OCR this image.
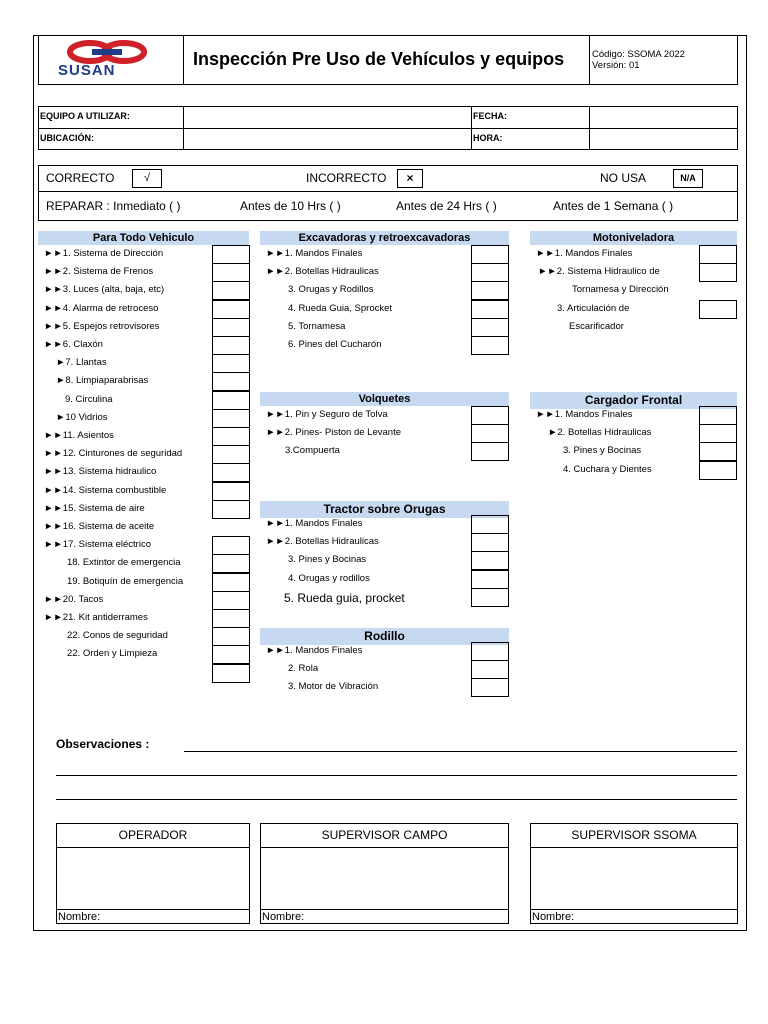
SUSAN
Inspección Pre Uso de Vehículos y equipos	Código: SSOMA 2022
Versión: 01
EQUIPO A UTILIZAR:	FECHA:
UBICACIÓN:	HORA:
CORRECTO	√	INCORRECTO	×	NO USA	N/A
REPARAR : Inmediato ( )	Antes de 10 Hrs ( )	Antes de 24 Hrs ( )	Antes de 1 Semana ( )
Para Todo Vehiculo
►►1. Sistema de Dirección
►►2. Sistema de Frenos
►►3. Luces (alta, baja, etc)
►►4. Alarma de retroceso
►►5. Espejos retrovisores
►►6. Claxón
►7. Llantas
►8. Limpiaparabrisas
9. Circulina
►10 Vidrios
►►11. Asientos
►►12. Cinturones de seguridad
►►13. Sistema hidraulico
►►14. Sistema combustible
►►15. Sistema de aire
►►16. Sistema de aceite
►►17. Sistema eléctrico
18. Extintor de emergencia
19. Botiquín de emergencia
►►20. Tacos
►►21. Kit antiderrames
22. Conos de seguridad
22. Orden y Limpieza
Excavadoras y retroexcavadoras
►►1. Mandos Finales
►►2. Botellas Hidraulicas
3. Orugas y Rodillos
4. Rueda Guia, Sprocket
5. Tornamesa
6. Pines del Cucharón
Motoniveladora
►►1. Mandos Finales
►►2. Sistema Hidraulico de
Tornamesa y Dirección
3. Articulación de
Escarificador
Volquetes
►►1. Pin y Seguro de Tolva
►►2. Pines- Piston de Levante
3.Compuerta
Cargador Frontal
►►1. Mandos Finales
►2. Botellas Hidraulicas
3. Pines y Bocinas
4. Cuchara y Dientes
Tractor sobre Orugas
►►1. Mandos Finales
►►2. Botellas Hidraulicas
3. Pines y Bocinas
4. Orugas y rodillos
5. Rueda guia, procket
Rodillo
►►1. Mandos Finales
2. Rola
3. Motor de Vibración
Observaciones :
OPERADOR
Nombre:
SUPERVISOR CAMPO
Nombre:
SUPERVISOR SSOMA
Nombre:
